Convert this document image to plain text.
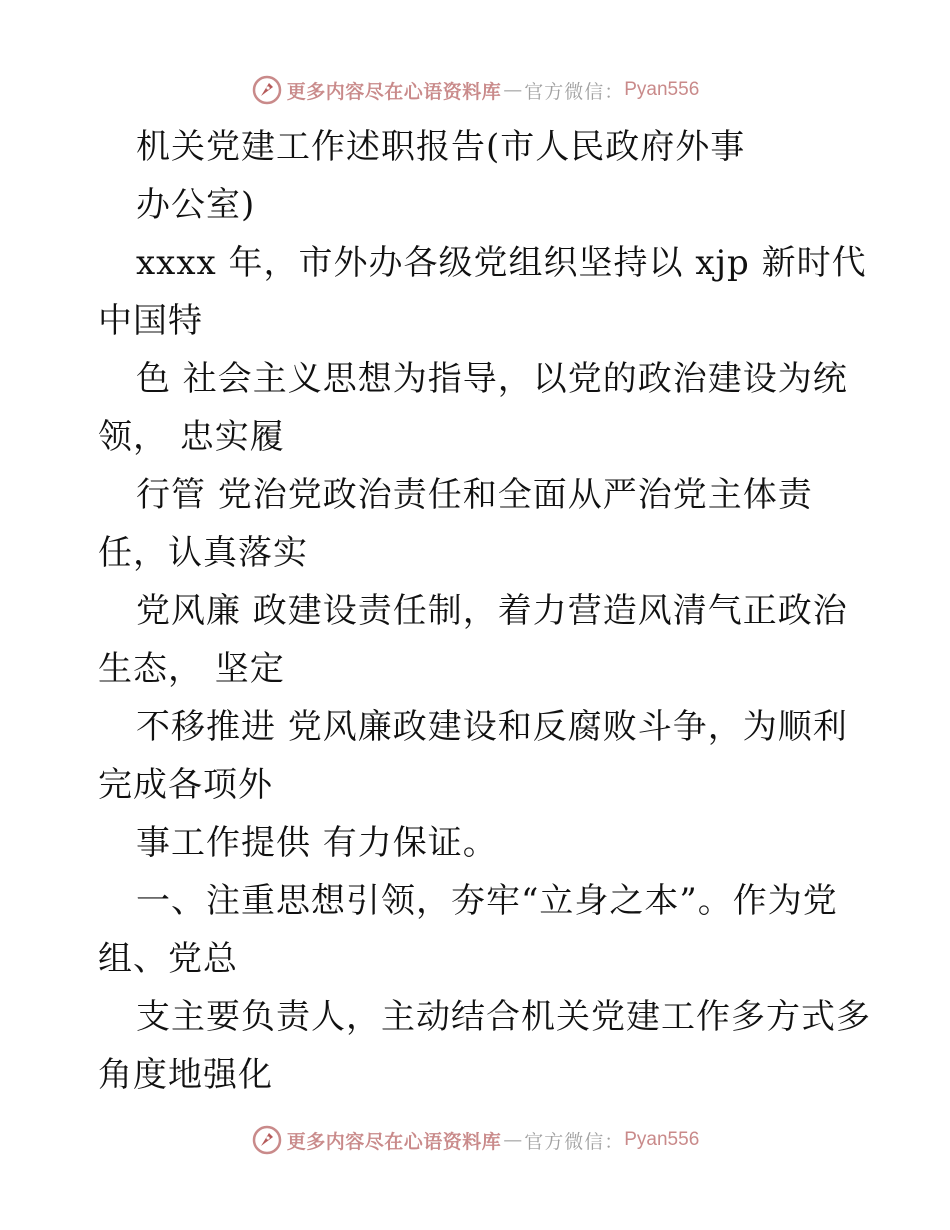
更多内容尽在心语资料库 — 官方微信： Pyan556
机关党建工作述职报告(市人民政府外事
办公室)
xxxx 年，市外办各级党组织坚持以 xjp 新时代
中国特
色 社会主义思想为指导，以党的政治建设为统
领， 忠实履
行管 党治党政治责任和全面从严治党主体责
任，认真落实
党风廉 政建设责任制，着力营造风清气正政治
生态， 坚定
不移推进 党风廉政建设和反腐败斗争，为顺利
完成各项外
事工作提供 有力保证。
一、注重思想引领，夯牢“立身之本”。作为党
组、党总
支主要负责人，主动结合机关党建工作多方式多
角度地强化
更多内容尽在心语资料库 — 官方微信： Pyan556
